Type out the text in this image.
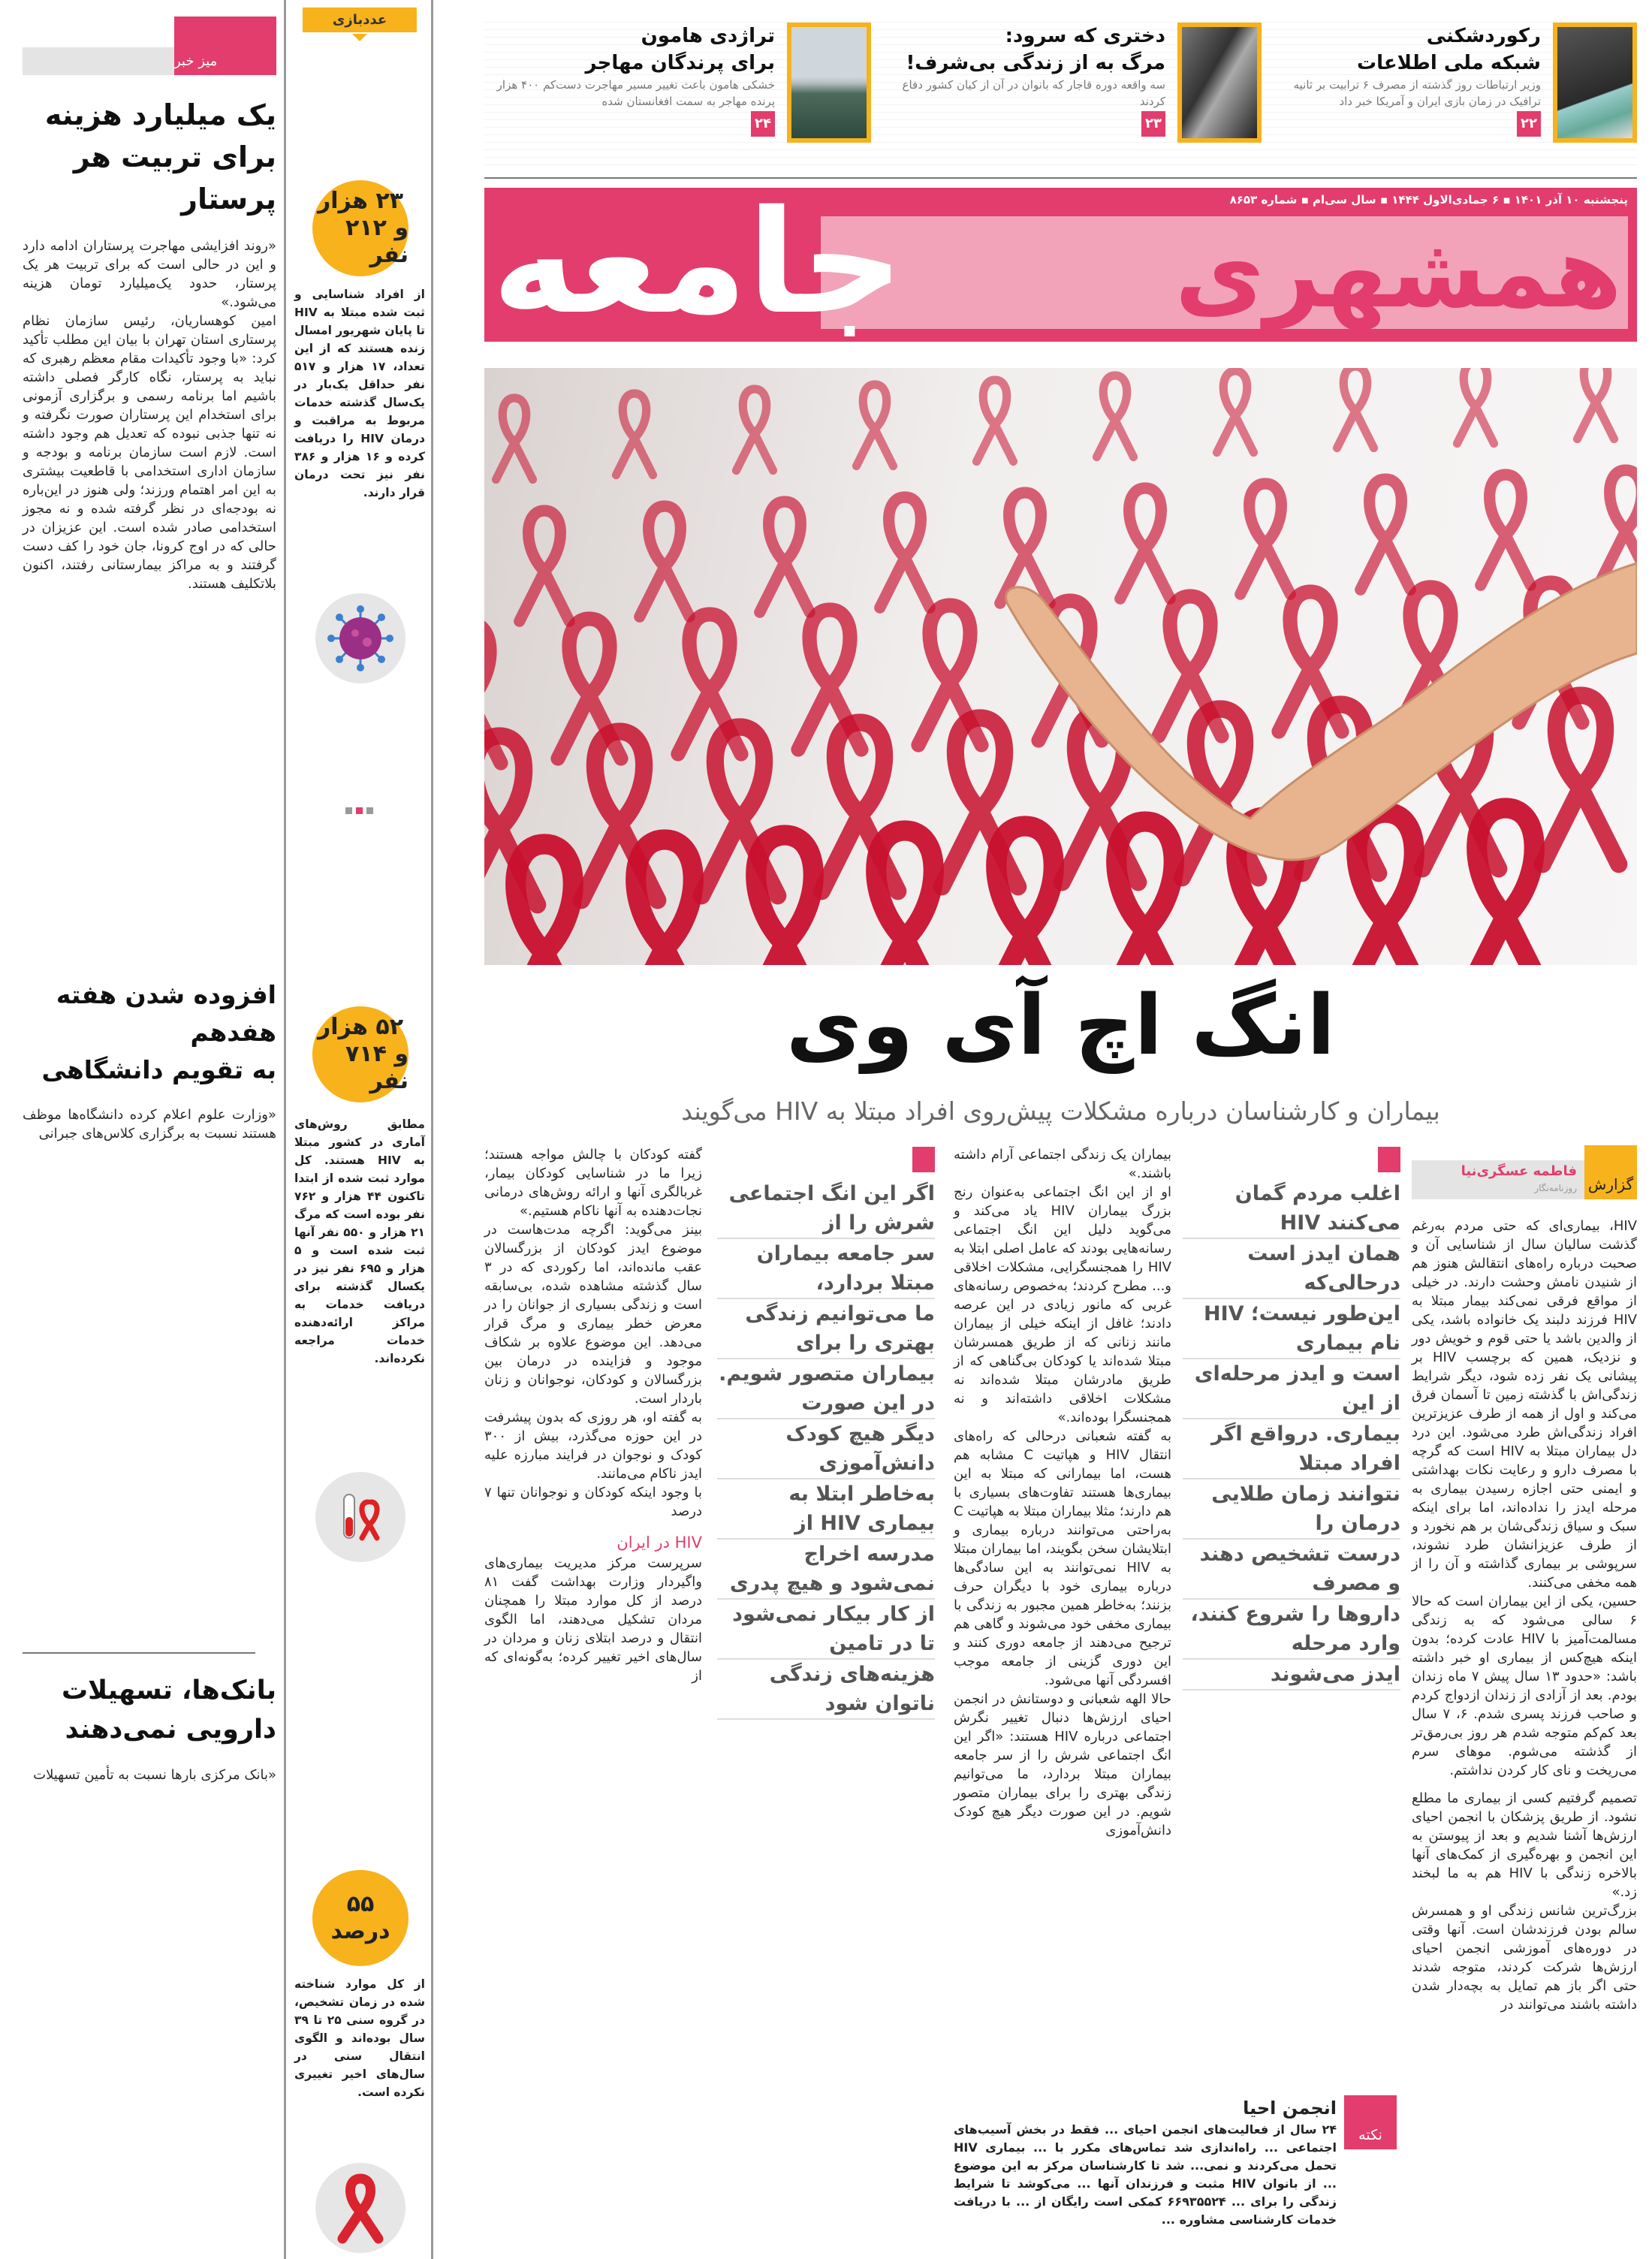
میز خبر
یک میلیارد هزینه
برای تربیت هر پرستار

«روند افزایشی مهاجرت پرستاران ادامه دارد و این در حالی است که برای تربیت هر یک پرستار، حدود یک‌میلیارد تومان هزینه می‌شود.»

امین کوهساریان، رئیس سازمان نظام پرستاری استان تهران با بیان این مطلب تأکید کرد: «با وجود تأکیدات مقام معظم رهبری که نباید به پرستار، نگاه کارگر فصلی داشته باشیم اما برنامه رسمی و برگزاری آزمونی برای استخدام این پرستاران صورت نگرفته و نه تنها جذبی نبوده که تعدیل هم وجود داشته است. لازم است سازمان برنامه و بودجه و سازمان اداری استخدامی با قاطعیت بیشتری به این امر اهتمام ورزند؛ ولی هنوز در این‌باره نه بودجه‌ای در نظر گرفته شده و نه مجوز استخدامی صادر شده است. این عزیزان در حالی که در اوج کرونا، جان خود را کف دست گرفتند و به مراکز بیمارستانی رفتند، اکنون بلاتکلیف هستند.

افزوده شدن هفته هفدهم
به تقویم دانشگاهی

«وزارت علوم اعلام کرده دانشگاه‌ها موظف هستند نسبت به برگزاری کلاس‌های جبرانی

بانک‌ها، تسهیلات
دارویی نمی‌دهند

«بانک مرکزی بارها نسبت به تأمین تسهیلات

عددبازی
۲۳ هزار
و ۲۱۲ نفر
از افراد شناسایی و ثبت شده مبتلا به HIV تا پایان شهریور امسال زنده هستند که از این تعداد، ۱۷ هزار و ۵۱۷ نفر حداقل یک‌بار در یک‌سال گذشته خدمات مربوط به مراقبت و درمان HIV را دریافت کرده و ۱۶ هزار و ۳۸۶ نفر نیز تحت درمان قرار دارند.
۵۲ هزار
و ۷۱۴ نفر
مطابق روش‌های آماری در کشور مبتلا به HIV هستند. کل موارد ثبت شده از ابتدا تاکنون ۴۴ هزار و ۷۶۲ نفر بوده است که مرگ ۲۱ هزار و ۵۵۰ نفر آنها ثبت شده است و ۵ هزار و ۶۹۵ نفر نیز در یکسال گذشته برای دریافت خدمات به مراکز ارائه‌دهنده خدمات مراجعه نکرده‌اند.
۵۵
درصد
از کل موارد شناخته شده در زمان تشخیص، در گروه سنی ۲۵ تا ۳۹ سال بوده‌اند و الگوی انتقال سنی در سال‌های اخیر تغییری نکرده است.
رکوردشکنی
شبکه ملی اطلاعات
وزیر ارتباطات روز گذشته از مصرف ۶ ترابیت بر ثانیه ترافیک در زمان بازی ایران و آمریکا خبر داد
۲۲
دختری که سرود:
مرگ به از زندگی بی‌شرف!
سه واقعه دوره قاجار که بانوان در آن از کیان کشور دفاع کردند
۲۳
تراژدی هامون
برای پرندگان مهاجر
خشکی هامون باعث تغییر مسیر مهاجرت دست‌کم ۴۰۰ هزار پرنده مهاجر به سمت افغانستان شده
۲۴
پنجشنبه ۱۰ آذر ۱۴۰۱ ▪ ۶ جمادی‌الاول ۱۴۴۴ ▪ سال سی‌ام ▪ شماره ۸۶۵۳
همشهری
جامعه
انگ اچ آی وی
بیماران و کارشناسان درباره مشکلات پیش‌روی افراد مبتلا به HIV می‌گویند
گزارش
فاطمه عسگری‌نیا
روزنامه‌نگار

HIV، بیماری‌ای که حتی مردم به‌رغم گذشت سالیان سال از شناسایی آن و صحبت درباره راه‌های انتقالش هنوز هم از شنیدن نامش وحشت دارند. در خیلی از مواقع فرقی نمی‌کند بیمار مبتلا به HIV فرزند دلبند یک خانواده باشد، یکی از والدین باشد یا حتی قوم و خویش دور و نزدیک، همین که برچسب HIV بر پیشانی یک نفر زده شود، دیگر شرایط زندگی‌اش با گذشته زمین تا آسمان فرق می‌کند و اول از همه از طرف عزیزترین افراد زندگی‌اش طرد می‌شود. این درد دل بیماران مبتلا به HIV است که گرچه با مصرف دارو و رعایت نکات بهداشتی و ایمنی حتی اجازه رسیدن بیماری به مرحله ایدز را نداده‌اند، اما برای اینکه سبک و سیاق زندگی‌شان بر هم نخورد و از طرف عزیزانشان طرد نشوند، سرپوشی بر بیماری گذاشته و آن را از همه مخفی می‌کنند.

حسین، یکی از این بیماران است که حالا ۶ سالی می‌شود که به زندگی مسالمت‌آمیز با HIV عادت کرده؛ بدون اینکه هیچ‌کس از بیماری او خبر داشته باشد: «حدود ۱۳ سال پیش ۷ ماه زندان بودم. بعد از آزادی از زندان ازدواج کردم و صاحب فرزند پسری شدم. ۶، ۷ سال بعد کم‌کم متوجه شدم هر روز بی‌رمق‌تر از گذشته می‌شوم. موهای سرم می‌ریخت و نای کار کردن نداشتم.

تصمیم گرفتیم کسی از بیماری ما مطلع نشود. از طریق پزشکان با انجمن احیای ارزش‌ها آشنا شدیم و بعد از پیوستن به این انجمن و بهره‌گیری از کمک‌های آنها بالاخره زندگی با HIV هم به ما لبخند زد.»

بزرگ‌ترین شانس زندگی او و همسرش سالم بودن فرزندشان است. آنها وقتی در دوره‌های آموزشی انجمن احیای ارزش‌ها شرکت کردند، متوجه شدند حتی اگر باز هم تمایل به بچه‌دار شدن داشته باشند می‌توانند در

اغلب مردم گمان می‌کنند HIV
همان ایدز است درحالی‌که
این‌طور نیست؛ HIV نام بیماری
است و ایدز مرحله‌ای از این
بیماری. درواقع اگر افراد مبتلا
نتوانند زمان طلایی درمان را
درست تشخیص دهند و مصرف
داروها را شروع کنند، وارد مرحله
ایدز می‌شوند

بیماران یک زندگی اجتماعی آرام داشته باشند.»

او از این انگ اجتماعی به‌عنوان رنج بزرگ بیماران HIV یاد می‌کند و می‌گوید دلیل این انگ اجتماعی رسانه‌هایی بودند که عامل اصلی ابتلا به HIV را همجنسگرایی، مشکلات اخلاقی و... مطرح کردند؛ به‌خصوص رسانه‌های غربی که مانور زیادی در این عرصه دادند؛ غافل از اینکه خیلی از بیماران مانند زنانی که از طریق همسرشان مبتلا شده‌اند یا کودکان بی‌گناهی که از طریق مادرشان مبتلا شده‌اند نه مشکلات اخلاقی داشته‌اند و نه همجنسگرا بوده‌اند.»

به گفته شعبانی درحالی که راه‌های انتقال HIV و هپاتیت C مشابه هم هست، اما بیمارانی که مبتلا به این بیماری‌ها هستند تفاوت‌های بسیاری با هم دارند؛ مثلا بیماران مبتلا به هپاتیت C به‌راحتی می‌توانند درباره بیماری و ابتلایشان سخن بگویند، اما بیماران مبتلا به HIV نمی‌توانند به این سادگی‌ها درباره بیماری خود با دیگران حرف بزنند؛ به‌خاطر همین مجبور به زندگی با بیماری مخفی خود می‌شوند و گاهی هم ترجیح می‌دهند از جامعه دوری کنند و این دوری گزینی از جامعه موجب افسردگی آنها می‌شود.

حالا الهه شعبانی و دوستانش در انجمن احیای ارزش‌ها دنبال تغییر نگرش اجتماعی درباره HIV هستند: «اگر این انگ اجتماعی شرش را از سر جامعه بیماران مبتلا بردارد، ما می‌توانیم زندگی بهتری را برای بیماران متصور شویم. در این صورت دیگر هیچ کودک دانش‌آموزی

نکته
انجمن احیا
۲۴ سال از فعالیت‌های انجمن احیای ... فقط در بخش آسیب‌های اجتماعی ... راه‌اندازی شد تماس‌های مکرر با ... بیماری HIV تحمل می‌کردند و نمی‌... شد تا کارشناسان مرکز به این موضوع ... از بانوان HIV مثبت و فرزندان آنها ... می‌کوشد تا شرایط زندگی را برای ... ۶۶۹۳۵۵۲۴ کمکی است رایگان از ... با دریافت خدمات کارشناسی مشاوره ...
اگر این انگ اجتماعی شرش را از
سر جامعه بیماران مبتلا بردارد،
ما می‌توانیم زندگی بهتری را برای
بیماران متصور شویم. در این صورت
دیگر هیچ کودک دانش‌آموزی
به‌خاطر ابتلا به بیماری HIV از
مدرسه اخراج نمی‌شود و هیچ پدری
از کار بیکار نمی‌شود تا در تامین
هزینه‌های زندگی ناتوان شود

گفته کودکان با چالش مواجه هستند؛ زیرا ما در شناسایی کودکان بیمار، غربالگری آنها و ارائه روش‌های درمانی نجات‌دهنده به آنها ناکام هستیم.»

بینز می‌گوید: اگرچه مدت‌هاست در موضوع ایدز کودکان از بزرگسالان عقب مانده‌اند، اما رکوردی که در ۳ سال گذشته مشاهده شده، بی‌سابقه است و زندگی بسیاری از جوانان را در معرض خطر بیماری و مرگ قرار می‌دهد. این موضوع علاوه بر شکاف موجود و فزاینده در درمان بین بزرگسالان و کودکان، نوجوانان و زنان باردار است.

به گفته او، هر روزی که بدون پیشرفت در این حوزه می‌گذرد، بیش از ۳۰۰ کودک و نوجوان در فرایند مبارزه علیه ایدز ناکام می‌مانند.

با وجود اینکه کودکان و نوجوانان تنها ۷ درصد

HIV در ایران

سرپرست مرکز مدیریت بیماری‌های واگیردار وزارت بهداشت گفت ۸۱ درصد از کل موارد مبتلا را همچنان مردان تشکیل می‌دهند، اما الگوی انتقال و درصد ابتلای زنان و مردان در سال‌های اخیر تغییر کرده؛ به‌گونه‌ای که از
